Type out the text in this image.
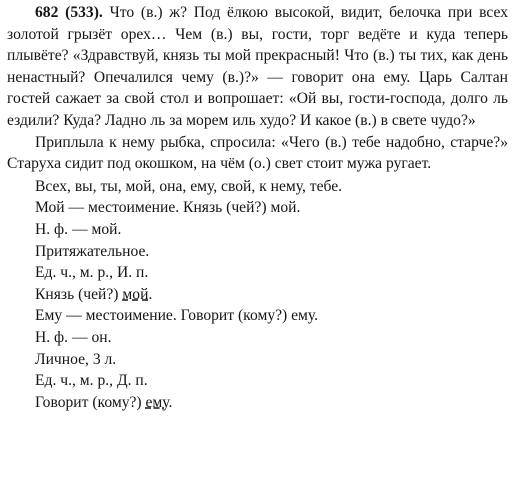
682 (533). Что (в.) ж? Под ёлкою высокой, видит, белочка при всех золотой грызёт орех… Чем (в.) вы, гости, торг ведёте и куда теперь плывёте? «Здравствуй, князь ты мой прекрасный! Что (в.) ты тих, как день ненастный? Опечалился чему (в.)?» — говорит она ему. Царь Салтан гостей сажает за свой стол и вопрошает: «Ой вы, гости-господа, долго ль ездили? Куда? Ладно ль за морем иль худо? И какое (в.) в свете чудо?»

Приплыла к нему рыбка, спросила: «Чего (в.) тебе надобно, старче?» Старуха сидит под окошком, на чём (о.) свет стоит мужа ругает.

Всех, вы, ты, мой, она, ему, свой, к нему, тебе.
Мой — местоимение. Князь (чей?) мой.
Н. ф. — мой.
Притяжательное.
Ед. ч., м. р., И. п.
Князь (чей?) мой.
Ему — местоимение. Говорит (кому?) ему.
Н. ф. — он.
Личное, 3 л.
Ед. ч., м. р., Д. п.
Говорит (кому?) ему.
